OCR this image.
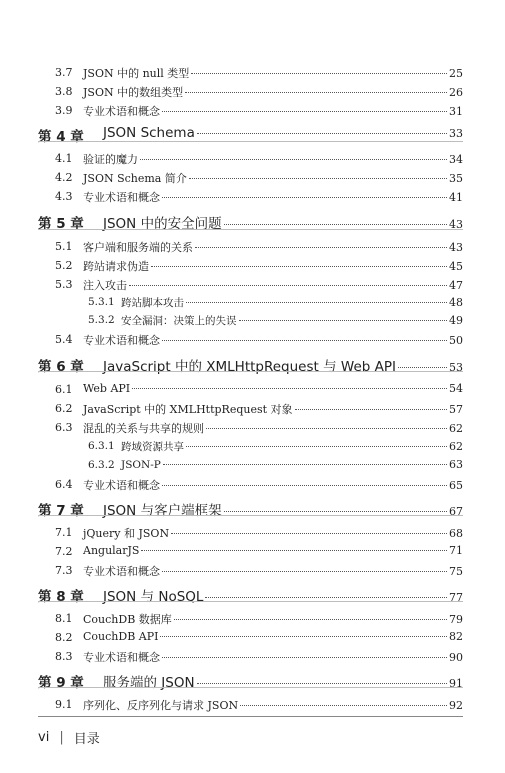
3.7 JSON 中的 null 类型	25
3.8 JSON 中的数组类型	26
3.9 专业术语和概念	31
第 4 章 JSON Schema	33
4.1 验证的魔力	34
4.2 JSON Schema 简介	35
4.3 专业术语和概念	41
第 5 章 JSON 中的安全问题	43
5.1 客户端和服务端的关系	43
5.2 跨站请求伪造	45
5.3 注入攻击	47
5.3.1 跨站脚本攻击	48
5.3.2 安全漏洞：决策上的失误	49
5.4 专业术语和概念	50
第 6 章 JavaScript 中的 XMLHttpRequest 与 Web API	53
6.1 Web API	54
6.2 JavaScript 中的 XMLHttpRequest 对象	57
6.3 混乱的关系与共享的规则	62
6.3.1 跨域资源共享	62
6.3.2 JSON-P	63
6.4 专业术语和概念	65
第 7 章 JSON 与客户端框架	67
7.1 jQuery 和 JSON	68
7.2 AngularJS	71
7.3 专业术语和概念	75
第 8 章 JSON 与 NoSQL	77
8.1 CouchDB 数据库	79
8.2 CouchDB API	82
8.3 专业术语和概念	90
第 9 章 服务端的 JSON	91
9.1 序列化、反序列化与请求 JSON	92
vi | 目录
